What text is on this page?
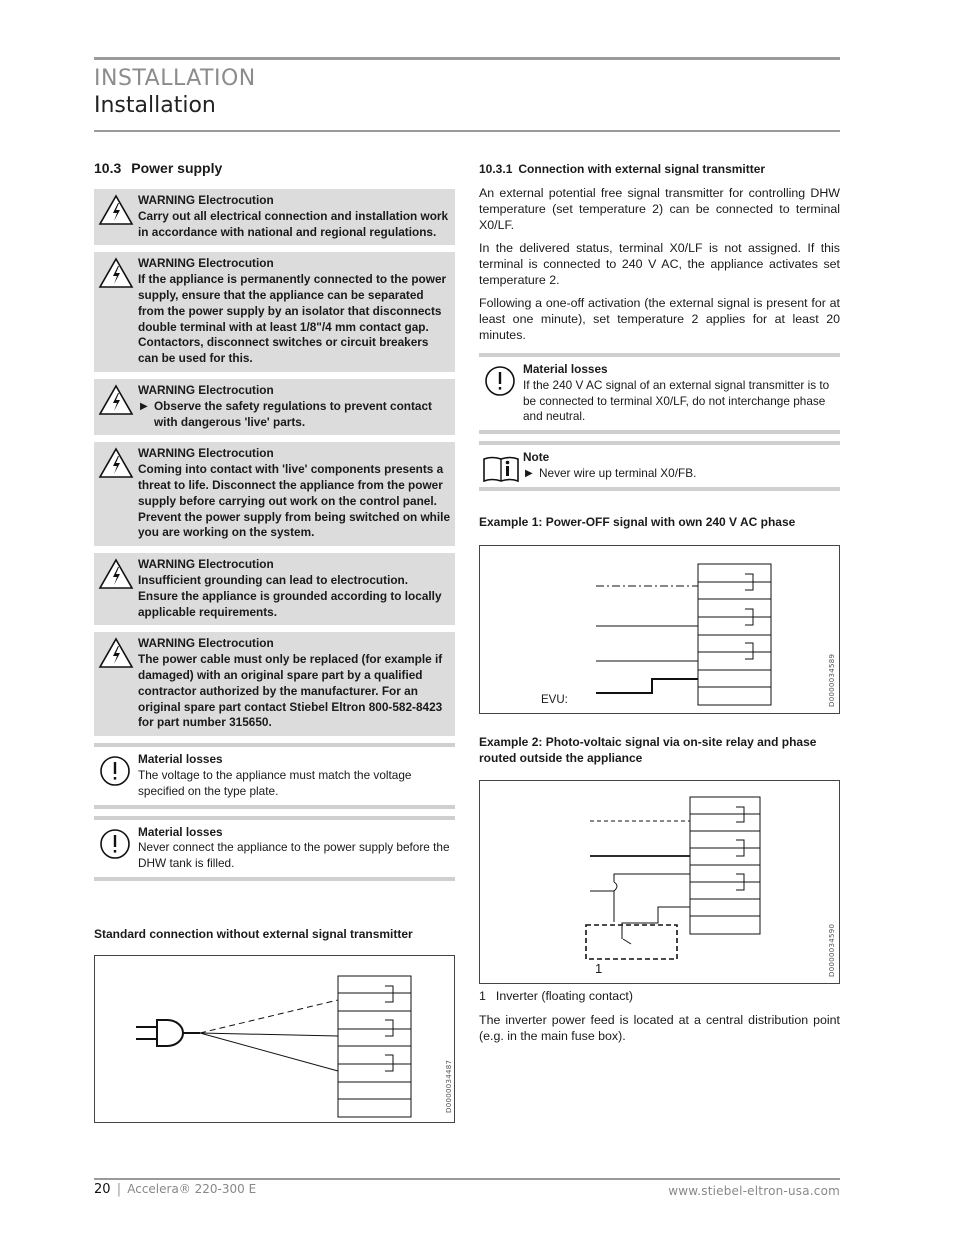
INSTALLATION
Installation
10.3 Power supply
WARNING Electrocution
Carry out all electrical connection and installation work in accordance with national and regional regulations.
WARNING Electrocution
If the appliance is permanently connected to the power supply, ensure that the appliance can be separated from the power supply by an isolator that disconnects double terminal with at least 1/8"/4 mm contact gap. Contactors, disconnect switches or circuit breakers can be used for this.
WARNING Electrocution
▶ Observe the safety regulations to prevent contact with dangerous 'live' parts.
WARNING Electrocution
Coming into contact with 'live' components presents a threat to life. Disconnect the appliance from the power supply before carrying out work on the control panel. Prevent the power supply from being switched on while you are working on the system.
WARNING Electrocution
Insufficient grounding can lead to electrocution. Ensure the appliance is grounded according to locally applicable requirements.
WARNING Electrocution
The power cable must only be replaced (for example if damaged) with an original spare part by a qualified contractor authorized by the manufacturer. For an original spare part contact Stiebel Eltron 800-582-8423 for part number 315650.
Material losses
The voltage to the appliance must match the voltage specified on the type plate.
Material losses
Never connect the appliance to the power supply before the DHW tank is filled.
Standard connection without external signal transmitter
D0000034487
10.3.1 Connection with external signal transmitter
An external potential free signal transmitter for controlling DHW temperature (set temperature 2) can be connected to terminal X0/LF.
In the delivered status, terminal X0/LF is not assigned. If this terminal is connected to 240 V AC, the appliance activates set temperature 2.
Following a one-off activation (the external signal is present for at least one minute), set temperature 2 applies for at least 20 minutes.
Material losses
If the 240 V AC signal of an external signal transmitter is to be connected to terminal X0/LF, do not interchange phase and neutral.
Note
▶ Never wire up terminal X0/FB.
Example 1: Power-OFF signal with own 240 V AC phase
EVU:	D0000034589
Example 2: Photo-voltaic signal via on-site relay and phase routed outside the appliance
1	D0000034590
1 Inverter (floating contact)
The inverter power feed is located at a central distribution point (e.g. in the main fuse box).
20 | Accelera® 220-300 E	www.stiebel-eltron-usa.com
